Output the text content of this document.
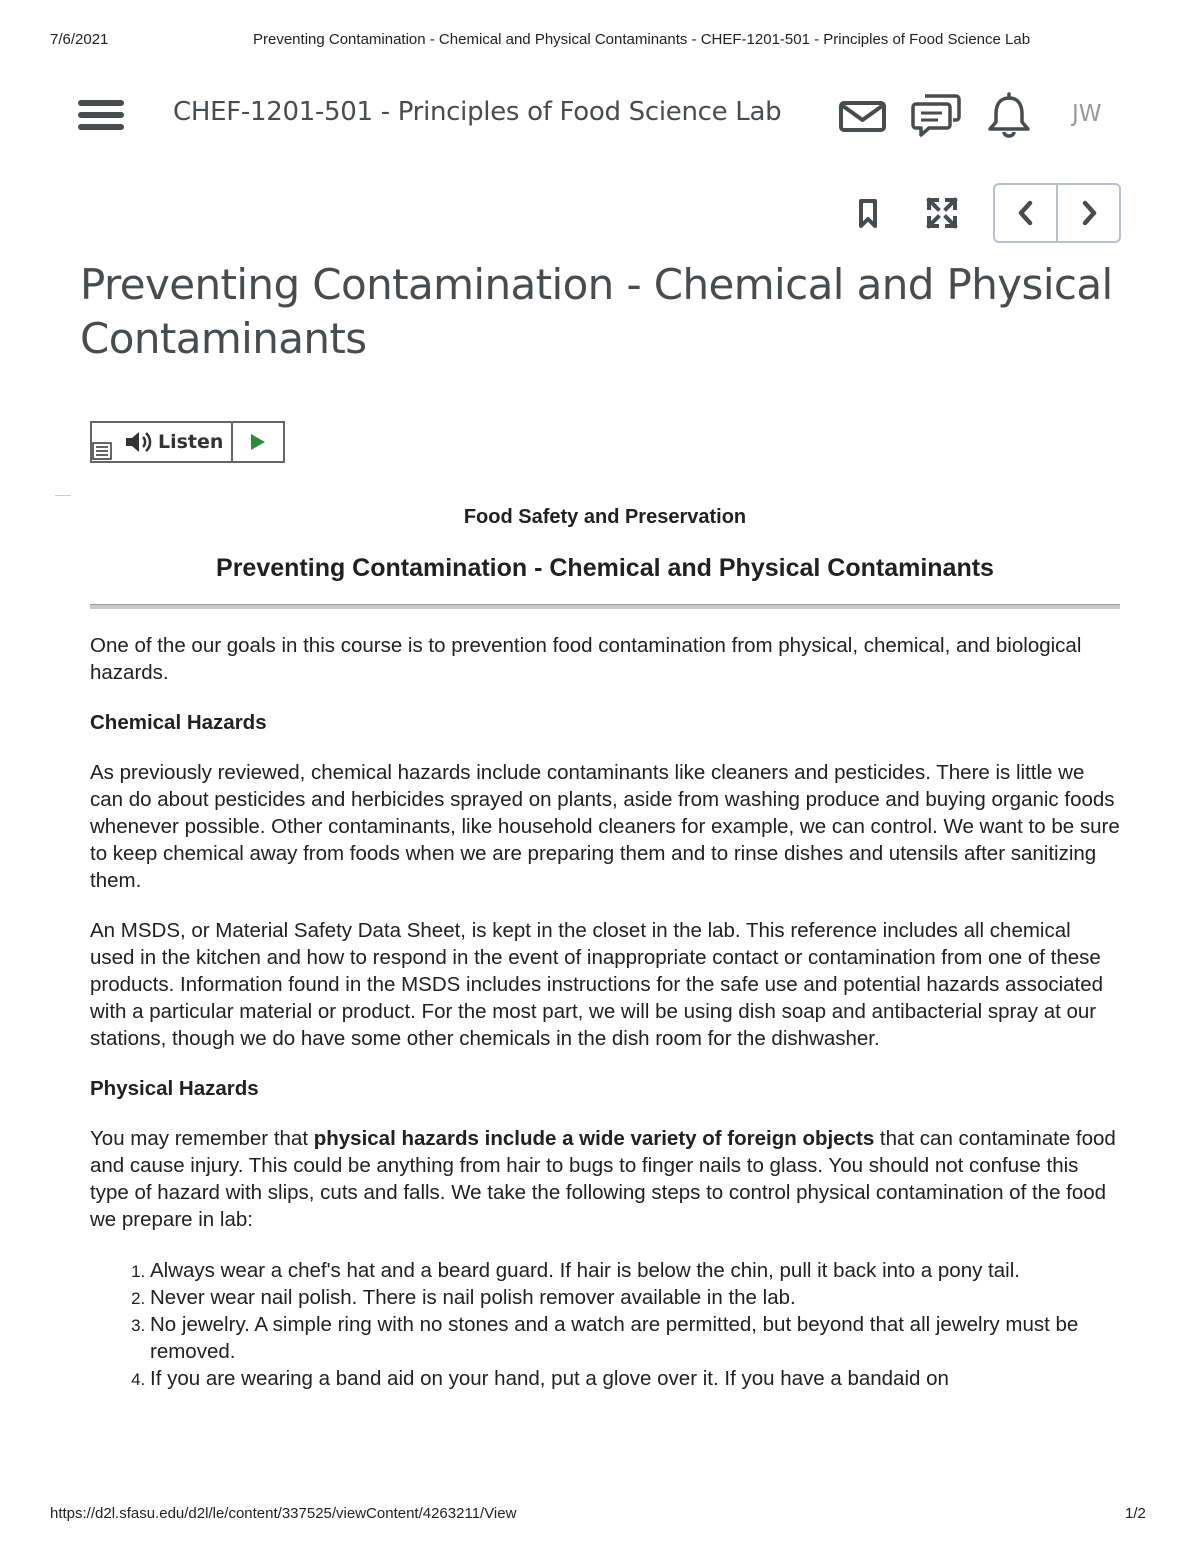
7/6/2021	Preventing Contamination - Chemical and Physical Contaminants - CHEF-1201-501 - Principles of Food Science Lab
CHEF-1201-501 - Principles of Food Science Lab	JW
Preventing Contamination - Chemical and Physical Contaminants
Listen

Food Safety and Preservation

Preventing Contamination - Chemical and Physical Contaminants

One of the our goals in this course is to prevention food contamination from physical, chemical, and biological hazards.

Chemical Hazards

As previously reviewed, chemical hazards include contaminants like cleaners and pesticides. There is little we can do about pesticides and herbicides sprayed on plants, aside from washing produce and buying organic foods whenever possible. Other contaminants, like household cleaners for example, we can control. We want to be sure to keep chemical away from foods when we are preparing them and to rinse dishes and utensils after sanitizing them.

An MSDS, or Material Safety Data Sheet, is kept in the closet in the lab. This reference includes all chemical used in the kitchen and how to respond in the event of inappropriate contact or contamination from one of these products. Information found in the MSDS includes instructions for the safe use and potential hazards associated with a particular material or product. For the most part, we will be using dish soap and antibacterial spray at our stations, though we do have some other chemicals in the dish room for the dishwasher.

Physical Hazards

You may remember that physical hazards include a wide variety of foreign objects that can contaminate food and cause injury. This could be anything from hair to bugs to finger nails to glass. You should not confuse this type of hazard with slips, cuts and falls. We take the following steps to control physical contamination of the food we prepare in lab:

1. Always wear a chef's hat and a beard guard. If hair is below the chin, pull it back into a pony tail.
2. Never wear nail polish. There is nail polish remover available in the lab.
3. No jewelry. A simple ring with no stones and a watch are permitted, but beyond that all jewelry must be removed.
4. If you are wearing a band aid on your hand, put a glove over it. If you have a bandaid on
https://d2l.sfasu.edu/d2l/le/content/337525/viewContent/4263211/View	1/2
